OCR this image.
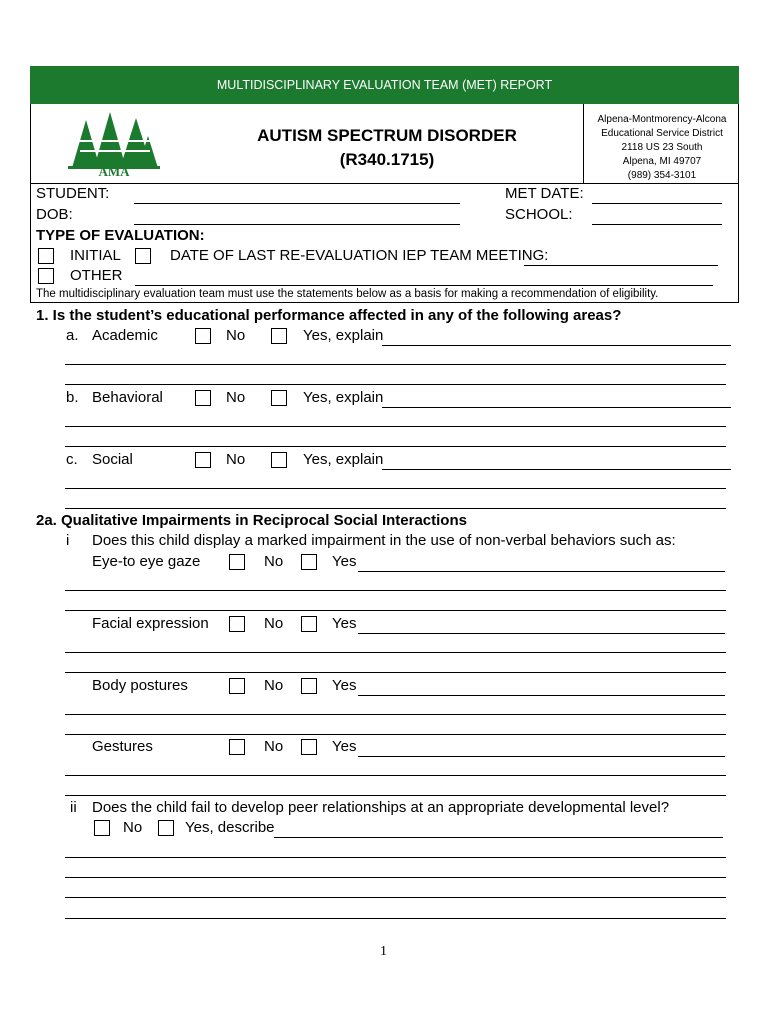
MULTIDISCIPLINARY EVALUATION TEAM (MET) REPORT
AMA
AUTISM SPECTRUM DISORDER
(R340.1715)
Alpena-Montmorency-Alcona
Educational Service District
2118 US 23 South
Alpena, MI 49707
(989) 354-3101
STUDENT:	MET DATE:
DOB:	SCHOOL:
TYPE OF EVALUATION:
INITIAL	DATE OF LAST RE-EVALUATION IEP TEAM MEETING:
OTHER
The multidisciplinary evaluation team must use the statements below as a basis for making a recommendation of eligibility.
1. Is the student’s educational performance affected in any of the following areas?
a. Academic	No	Yes, explain
b. Behavioral	No	Yes, explain
c. Social	No	Yes, explain
2a. Qualitative Impairments in Reciprocal Social Interactions
i Does this child display a marked impairment in the use of non-verbal behaviors such as:
Eye-to eye gaze	No	Yes
Facial expression	No	Yes
Body postures	No	Yes
Gestures	No	Yes
ii Does the child fail to develop peer relationships at an appropriate developmental level?
No	Yes, describe
1
